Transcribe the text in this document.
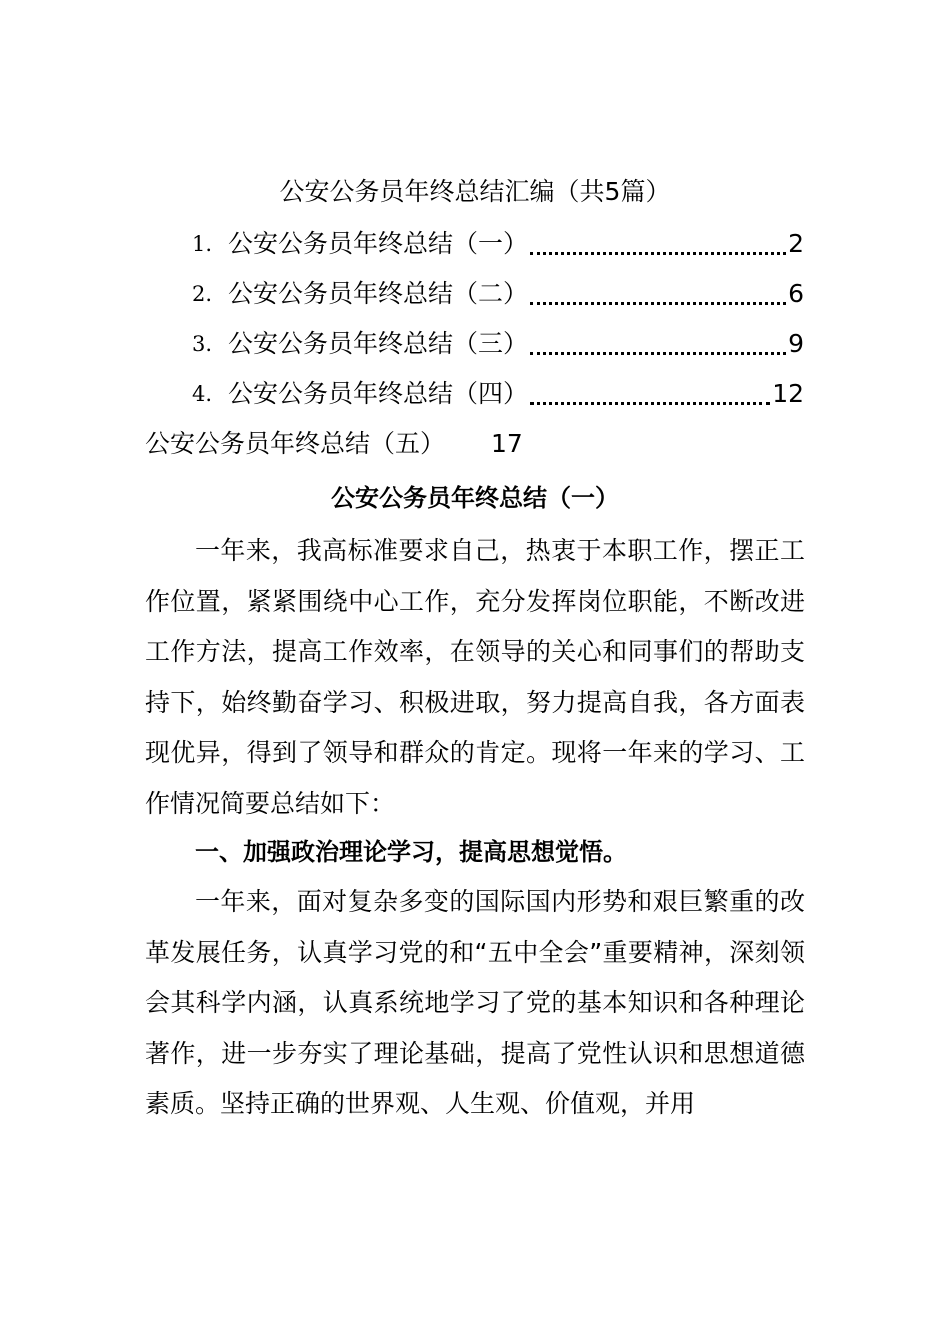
公安公务员年终总结汇编（共5篇）
1. 公安公务员年终总结（一）	2
2. 公安公务员年终总结（二）	6
3. 公安公务员年终总结（三）	9
4. 公安公务员年终总结（四）	12
公安公务员年终总结（五） 17
公安公务员年终总结（一）

一年来，我高标准要求自己，热衷于本职工作，摆正工作位置，紧紧围绕中心工作，充分发挥岗位职能，不断改进工作方法，提高工作效率，在领导的关心和同事们的帮助支持下，始终勤奋学习、积极进取，努力提高自我，各方面表现优异，得到了领导和群众的肯定。现将一年来的学习、工作情况简要总结如下：

一、加强政治理论学习，提高思想觉悟。

一年来，面对复杂多变的国际国内形势和艰巨繁重的改革发展任务，认真学习党的和“五中全会”重要精神，深刻领会其科学内涵，认真系统地学习了党的基本知识和各种理论著作，进一步夯实了理论基础，提高了党性认识和思想道德素质。坚持正确的世界观、人生观、价值观，并用
